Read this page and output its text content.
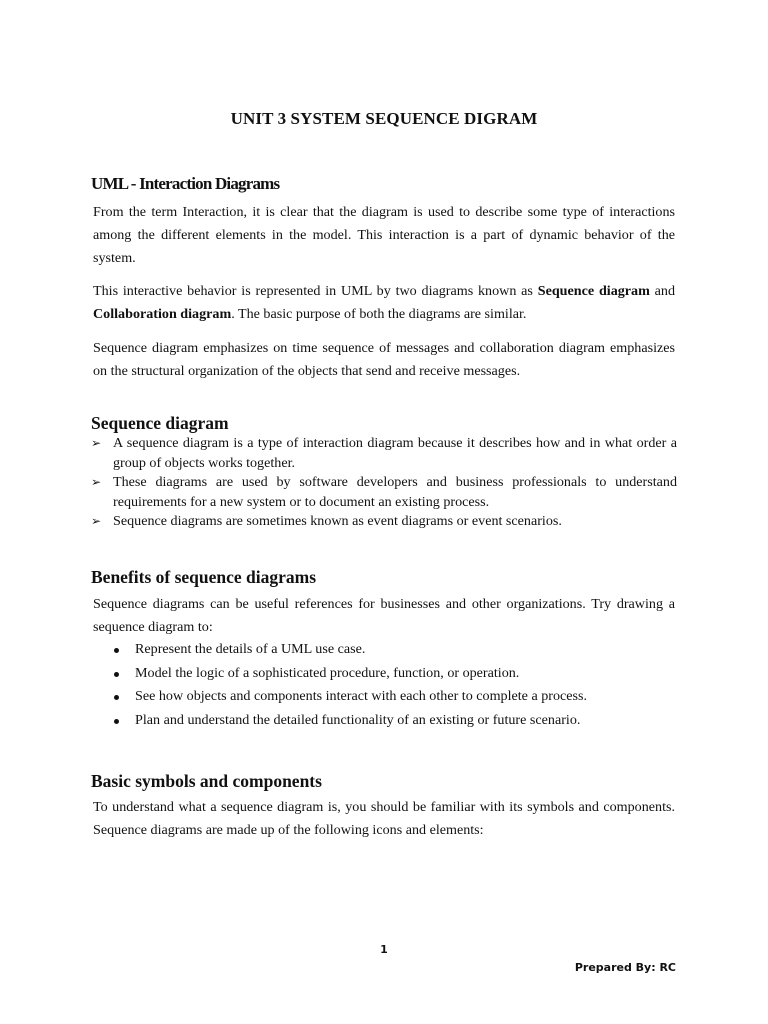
UNIT 3 SYSTEM SEQUENCE DIGRAM
UML - Interaction Diagrams

From the term Interaction, it is clear that the diagram is used to describe some type of interactions among the different elements in the model. This interaction is a part of dynamic behavior of the system.

This interactive behavior is represented in UML by two diagrams known as Sequence diagram and Collaboration diagram. The basic purpose of both the diagrams are similar.

Sequence diagram emphasizes on time sequence of messages and collaboration diagram emphasizes on the structural organization of the objects that send and receive messages.

Sequence diagram
➢ A sequence diagram is a type of interaction diagram because it describes how and in what order a group of objects works together.
➢ These diagrams are used by software developers and business professionals to understand requirements for a new system or to document an existing process.
➢ Sequence diagrams are sometimes known as event diagrams or event scenarios.
Benefits of sequence diagrams

Sequence diagrams can be useful references for businesses and other organizations. Try drawing a sequence diagram to:

Represent the details of a UML use case.
Model the logic of a sophisticated procedure, function, or operation.
See how objects and components interact with each other to complete a process.
Plan and understand the detailed functionality of an existing or future scenario.
Basic symbols and components

To understand what a sequence diagram is, you should be familiar with its symbols and components. Sequence diagrams are made up of the following icons and elements:

1
Prepared By: RC
